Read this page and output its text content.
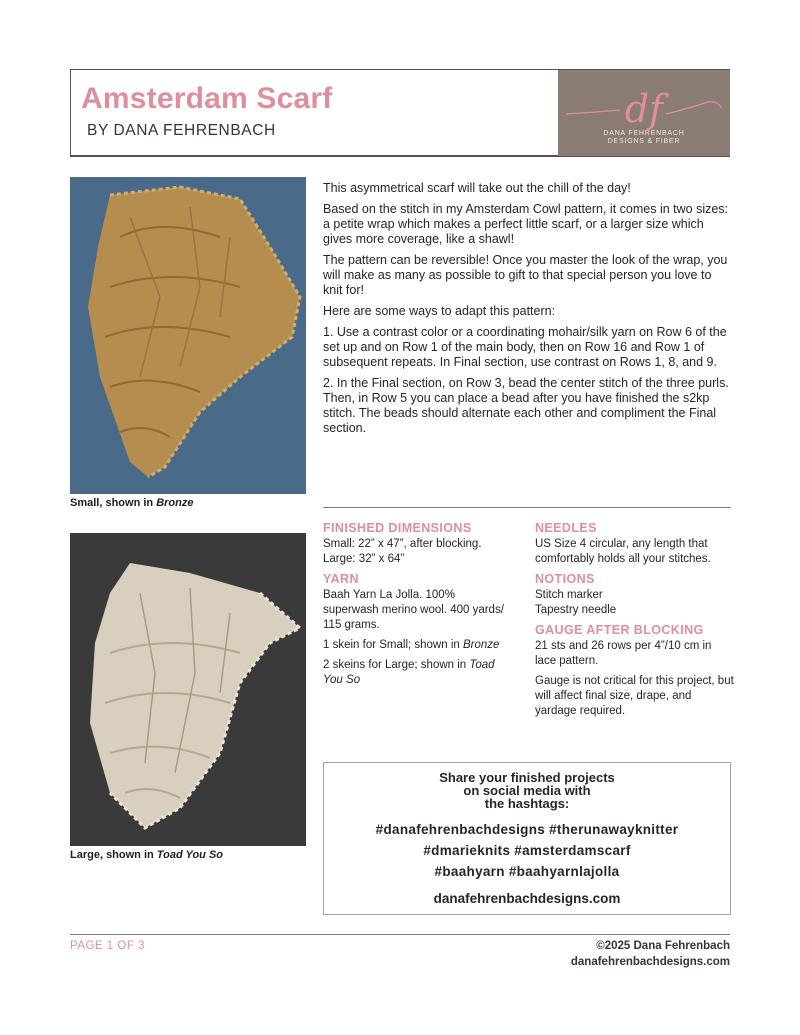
Amsterdam Scarf
BY DANA FEHRENBACH	df
DANA FEHRENBACH
DESIGNS & FIBER
Small, shown in Bronze
Large, shown in Toad You So

This asymmetrical scarf will take out the chill of the day!

Based on the stitch in my Amsterdam Cowl pattern, it comes in two sizes: a petite wrap which makes a perfect little scarf, or a larger size which gives more coverage, like a shawl!

The pattern can be reversible! Once you master the look of the wrap, you will make as many as possible to gift to that special person you love to knit for!

Here are some ways to adapt this pattern:

1. Use a contrast color or a coordinating mohair/silk yarn on Row 6 of the set up and on Row 1 of the main body, then on Row 16 and Row 1 of subsequent repeats. In Final section, use contrast on Rows 1, 8, and 9.

2. In the Final section, on Row 3, bead the center stitch of the three purls. Then, in Row 5 you can place a bead after you have finished the s2kp stitch. The beads should alternate each other and compliment the Final section.

FINISHED DIMENSIONS
Small: 22” x 47”, after blocking.
Large: 32” x 64”
YARN

Baah Yarn La Jolla. 100% superwash merino wool. 400 yards/ 115 grams.

1 skein for Small; shown in Bronze

2 skeins for Large; shown in Toad You So

NEEDLES

US Size 4 circular, any length that comfortably holds all your stitches.

NOTIONS
Stitch marker
Tapestry needle
GAUGE AFTER BLOCKING

21 sts and 26 rows per 4”/10 cm in lace pattern.

Gauge is not critical for this project, but will affect final size, drape, and yardage required.

Share your finished projects
on social media with
the hashtags:
#danafehrenbachdesigns #therunawayknitter
#dmarieknits #amsterdamscarf
#baahyarn #baahyarnlajolla
danafehrenbachdesigns.com
PAGE 1 OF 3	©2025 Dana Fehrenbach
danafehrenbachdesigns.com
